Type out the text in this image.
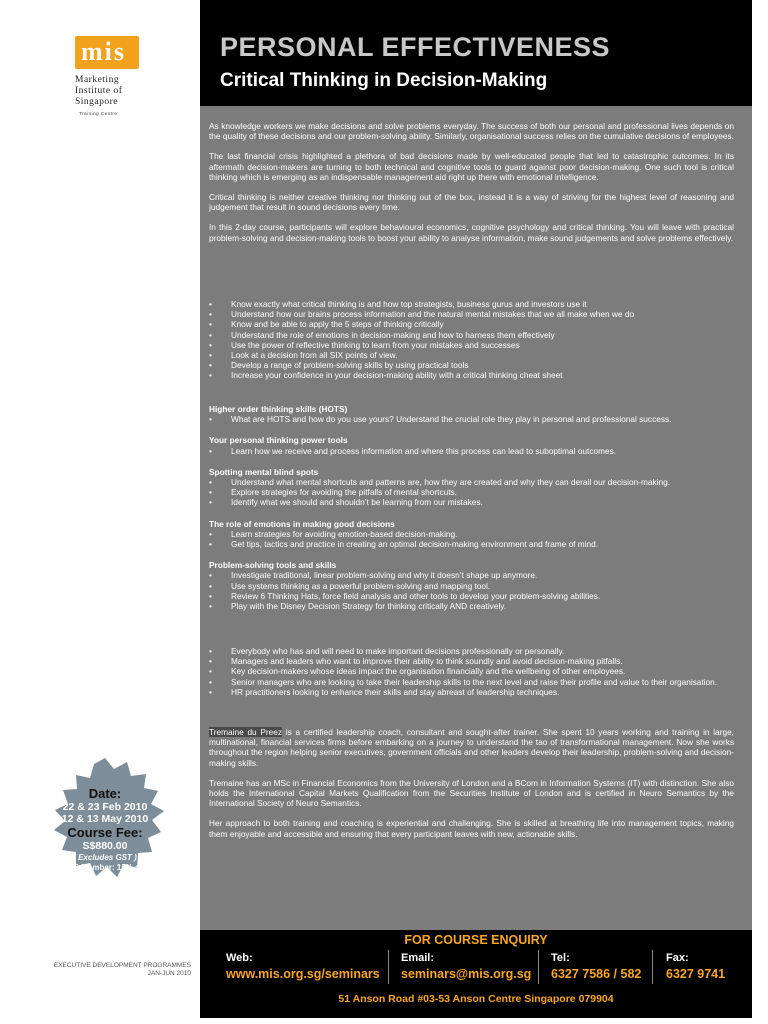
mis
Marketing
Institute of
Singapore
Training Centre
Date:
22 & 23 Feb 2010
12 & 13 May 2010
Course Fee:
S$880.00
( Excludes GST )
MIS Member: 15% off
EXECUTIVE DEVELOPMENT PROGRAMMES
JAN-JUN 2010
PERSONAL EFFECTIVENESS
Critical Thinking in Decision-Making
As knowledge workers we make decisions and solve problems everyday. The success of both our personal and professional lives depends on the quality of these decisions and our problem-solving ability. Similarly, organisational success relies on the cumulative decisions of employees.
The last financial crisis highlighted a plethora of bad decisions made by well-educated people that led to catastrophic outcomes. In its aftermath decision-makers are turning to both technical and cognitive tools to guard against poor decision-making. One such tool is critical thinking which is emerging as an indispensable management aid right up there with emotional intelligence.
Critical thinking is neither creative thinking nor thinking out of the box, instead it is a way of striving for the highest level of reasoning and judgement that result in sound decisions every time.
In this 2-day course, participants will explore behavioural economics, cognitive psychology and critical thinking. You will leave with practical problem-solving and decision-making tools to boost your ability to analyse information, make sound judgements and solve problems effectively.
• Know exactly what critical thinking is and how top strategists, business gurus and investors use it
• Understand how our brains process information and the natural mental mistakes that we all make when we do
• Know and be able to apply the 5 steps of thinking critically
• Understand the role of emotions in decision-making and how to harness them effectively
• Use the power of reflective thinking to learn from your mistakes and successes
• Look at a decision from all SIX points of view.
• Develop a range of problem-solving skills by using practical tools
• Increase your confidence in your decision-making ability with a critical thinking cheat sheet
Higher order thinking skills (HOTS)
• What are HOTS and how do you use yours? Understand the crucial role they play in personal and professional success.
Your personal thinking power tools
• Learn how we receive and process information and where this process can lead to suboptimal outcomes.
Spotting mental blind spots
• Understand what mental shortcuts and patterns are, how they are created and why they can derail our decision-making.
• Explore strategies for avoiding the pitfalls of mental shortcuts.
• Identify what we should and shouldn’t be learning from our mistakes.
The role of emotions in making good decisions
• Learn strategies for avoiding emotion-based decision-making.
• Get tips, tactics and practice in creating an optimal decision-making environment and frame of mind.
Problem-solving tools and skills
• Investigate traditional, linear problem-solving and why it doesn’t shape up anymore.
• Use systems thinking as a powerful problem-solving and mapping tool.
• Review 6 Thinking Hats, force field analysis and other tools to develop your problem-solving abilities.
• Play with the Disney Decision Strategy for thinking critically AND creatively.
• Everybody who has and will need to make important decisions professionally or personally.
• Managers and leaders who want to improve their ability to think soundly and avoid decision-making pitfalls.
• Key decision-makers whose ideas impact the organisation financially and the wellbeing of other employees.
• Senior managers who are looking to take their leadership skills to the next level and raise their profile and value to their organisation.
• HR practitioners looking to enhance their skills and stay abreast of leadership techniques.
Tremaine du Preez is a certified leadership coach, consultant and sought-after trainer. She spent 10 years working and training in large, multinational, financial services firms before embarking on a journey to understand the tao of transformational management. Now she works throughout the region helping senior executives, government officials and other leaders develop their leadership, problem-solving and decision-making skills.
Tremaine has an MSc in Financial Economics from the University of London and a BCom in Information Systems (IT) with distinction. She also holds the International Capital Markets Qualification from the Securities Institute of London and is certified in Neuro Semantics by the International Society of Neuro Semantics.
Her approach to both training and coaching is experiential and challenging. She is skilled at breathing life into management topics, making them enjoyable and accessible and ensuring that every participant leaves with new, actionable skills.
FOR COURSE ENQUIRY
Web:
www.mis.org.sg/seminars
Email:
seminars@mis.org.sg
Tel:
6327 7586 / 582
Fax:
6327 9741
51 Anson Road #03-53 Anson Centre Singapore 079904
